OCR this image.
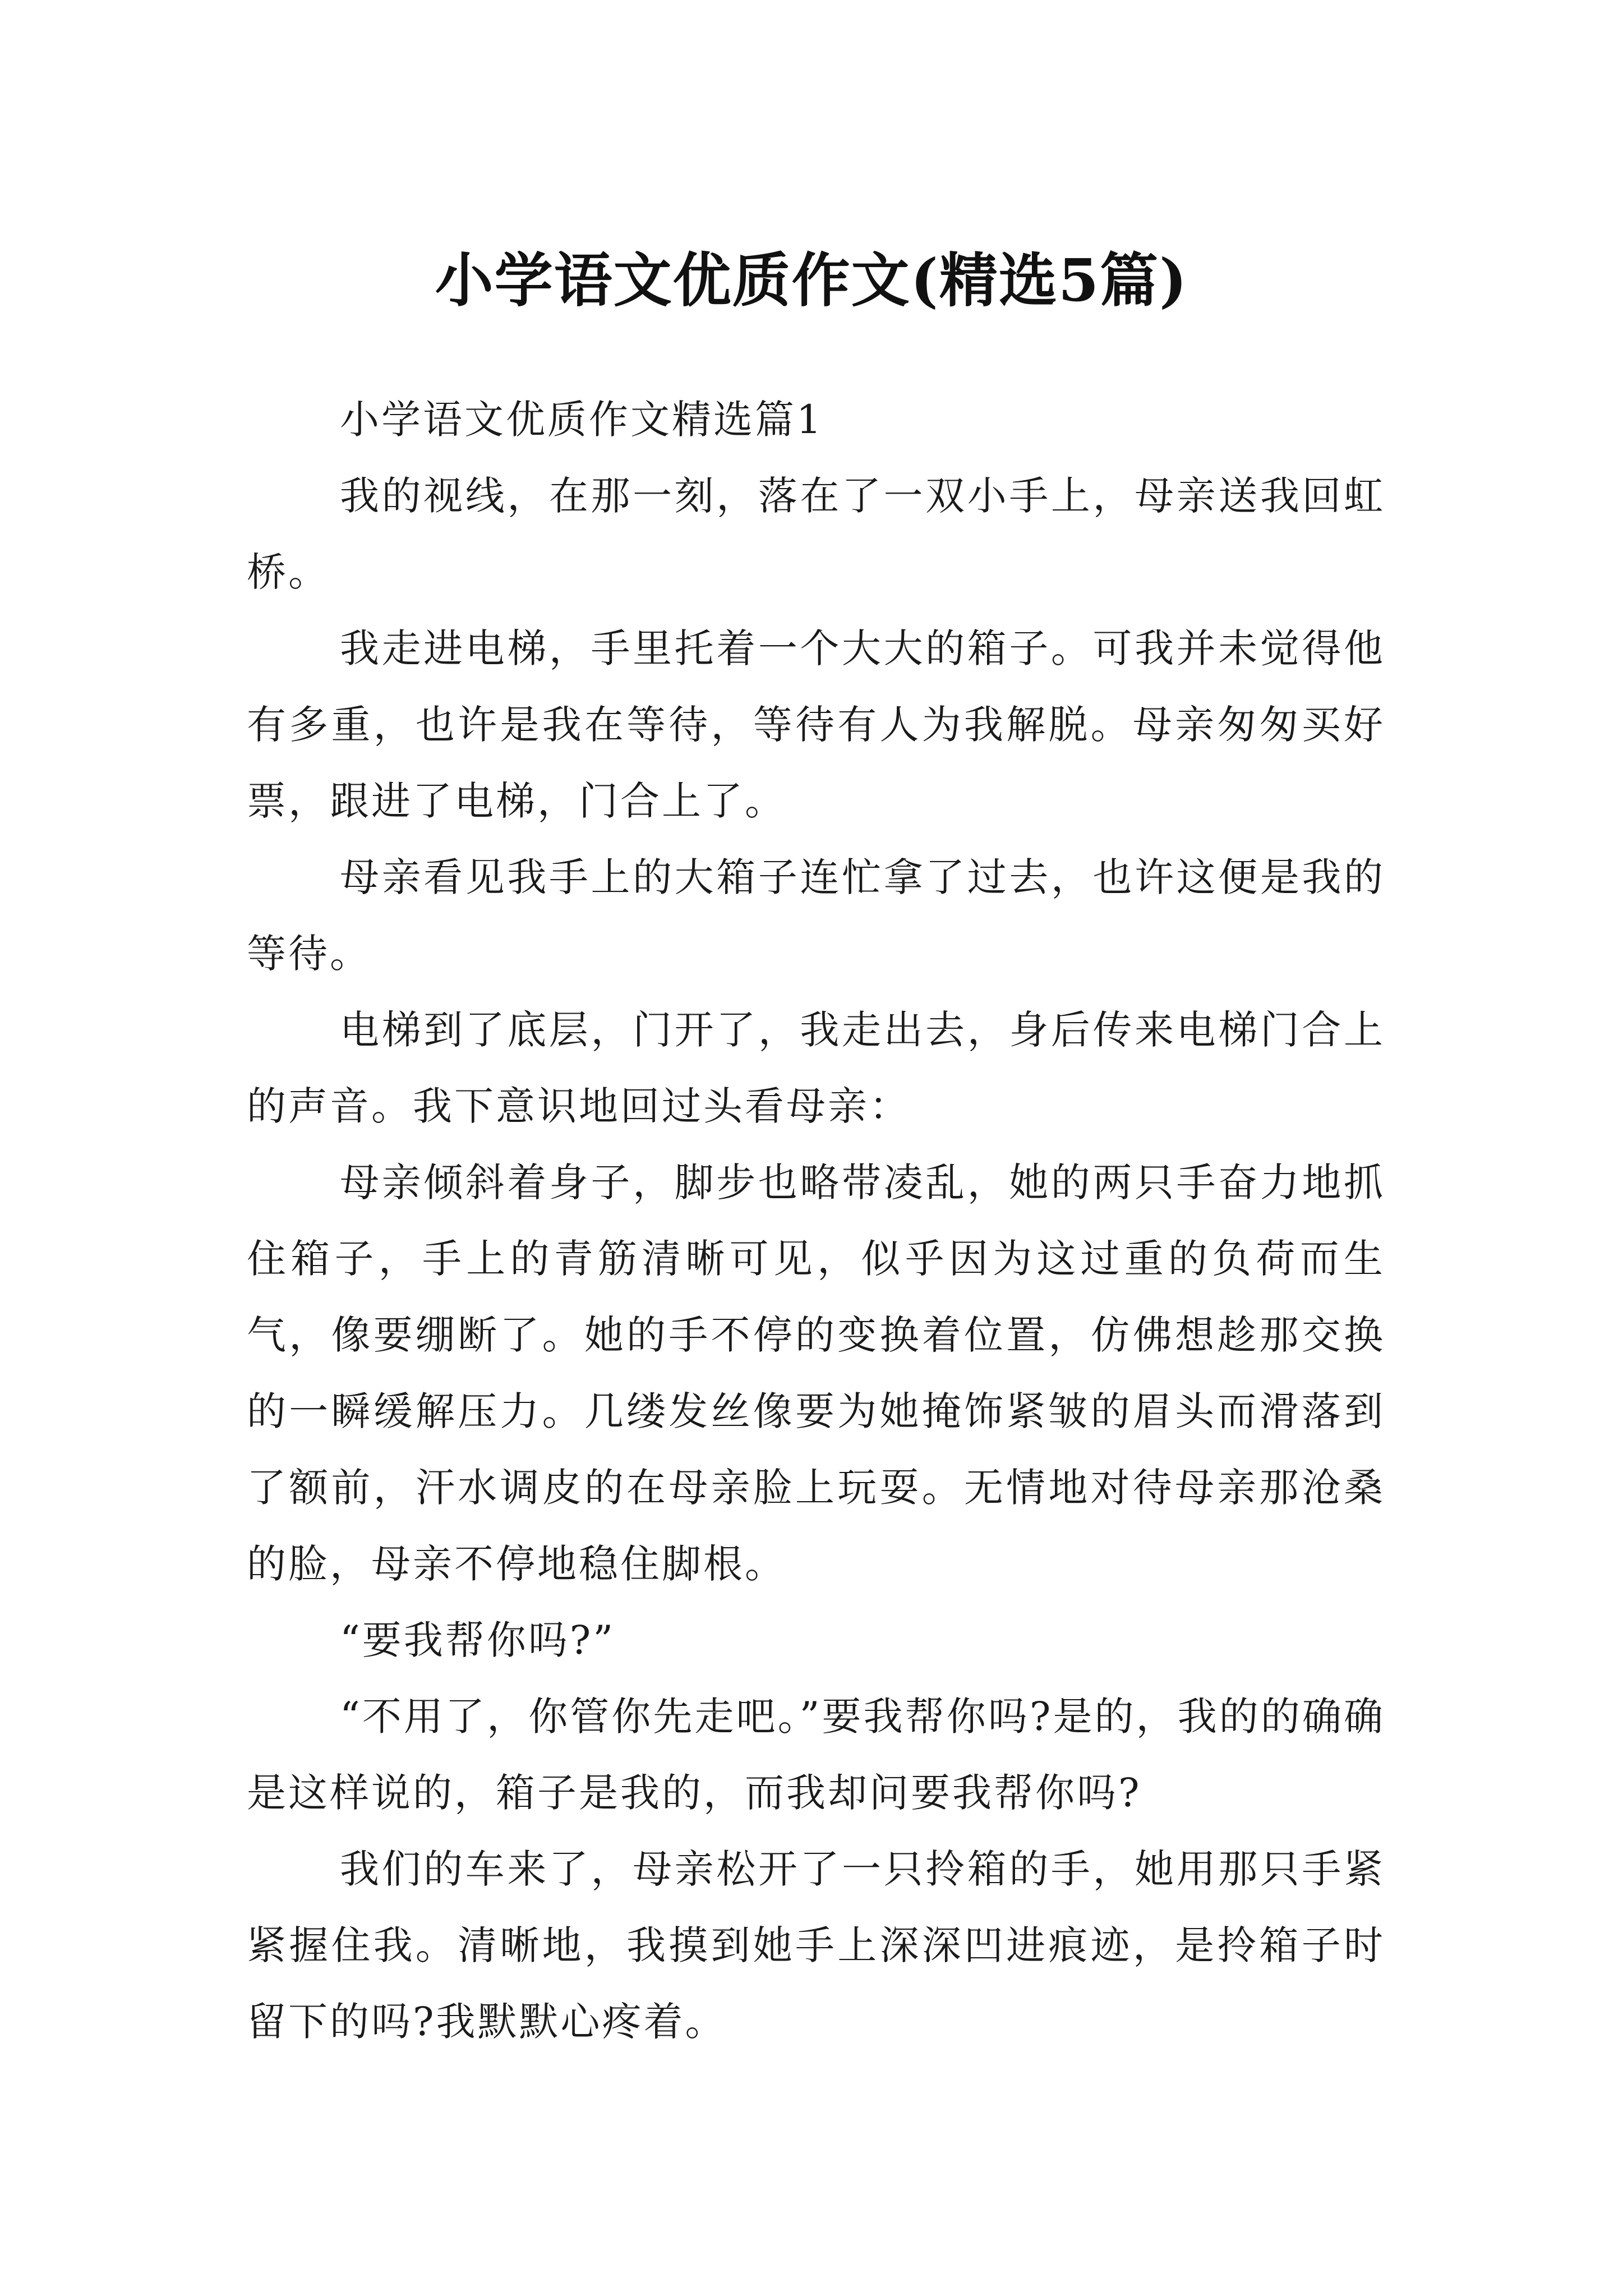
小学语文优质作文(精选5篇)

小学语文优质作文精选篇1

我的视线，在那一刻，落在了一双小手上，母亲送我回虹桥。

我走进电梯，手里托着一个大大的箱子。可我并未觉得他有多重，也许是我在等待，等待有人为我解脱。母亲匆匆买好票，跟进了电梯，门合上了。

母亲看见我手上的大箱子连忙拿了过去，也许这便是我的等待。

电梯到了底层，门开了，我走出去，身后传来电梯门合上的声音。我下意识地回过头看母亲：

母亲倾斜着身子，脚步也略带凌乱，她的两只手奋力地抓住箱子，手上的青筋清晰可见，似乎因为这过重的负荷而生气，像要绷断了。她的手不停的变换着位置，仿佛想趁那交换的一瞬缓解压力。几缕发丝像要为她掩饰紧皱的眉头而滑落到了额前，汗水调皮的在母亲脸上玩耍。无情地对待母亲那沧桑的脸，母亲不停地稳住脚根。

“要我帮你吗?”

“不用了，你管你先走吧。”要我帮你吗?是的，我的的确确是这样说的，箱子是我的，而我却问要我帮你吗?

我们的车来了，母亲松开了一只拎箱的手，她用那只手紧紧握住我。清晰地，我摸到她手上深深凹进痕迹，是拎箱子时留下的吗?我默默心疼着。
